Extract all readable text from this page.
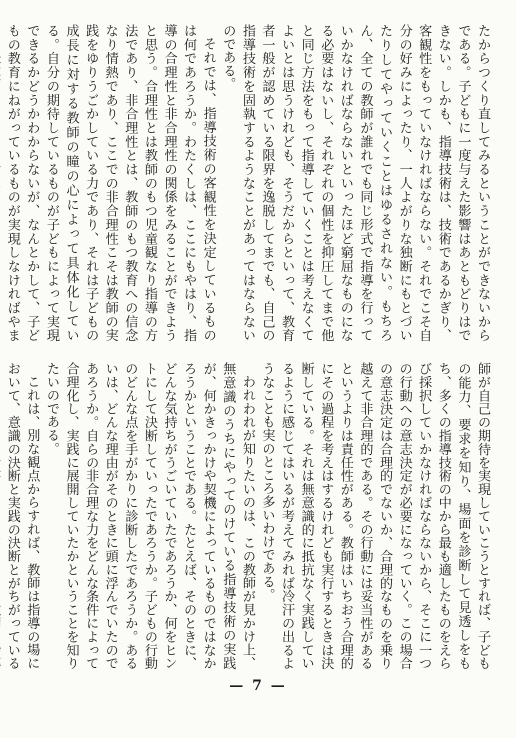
たからつくり直してみるということができないからである。子どもに一度与えた影響はあともどりはできない。しかも、指導技術は、技術であるかぎり、客観性をもっていなければならない。それでこそ自分の好みによったり、一人よがりな独断にもとづいたりしてやっていくことはゆるされない。もちろん、全ての教師が誰れでも同じ形式で指導を行っていかなければならないといったほど窮屈なものになる必要はないし、それぞれの個性を抑圧してまで他と同じ方法をもって指導していくことは考えなくてよいとは思うけれども、そうだからといって、教育者一般が認めている限界を逸脱してまでも、自己の指導技術を固執するようなことがあってはならないのである。

それでは、指導技術の客観性を決定しているものは何であろうか。わたくしは、ここにもやはり、指導の合理性と非合理性の関係をみることができようと思う。合理性とは教師のもつ児童観なり指導の方法であり、非合理性とは、教師のもつ教育への信念なり情熱であり、ここでの非合理性こそは教師の実践をゆりうごかしている力であり、それは子どもの成長に対する教師の瞳の心によって具体化している。自分の期待しているものが子どもによって実現できるかどうかわからないが、なんとかして、子どもの教育にねがっているものが実現しなければやま

師が自己の期待を実現していこうとすれば、子どもの能力、要求を知り、場面を診断して見透しをもち、多くの指導技術の中から最も適したものをえらび採択していかなければならないから、そこに一つの行動への意志決定が必要になっていく。この場合の意志決定は合理的でないか、合理的なものを乗り越えて非合理的である。その行動には妥当性があるというよりは責任性がある。教師はいちおう合理的にその過程を考えはするけれども実行するときは決断している。それは無意識的に抵抗なく実践しているように感じてはいるが考えてみれば冷汗の出るようなことも実のところ多いわけである。

われわれが知りたいのは、この教師が見かけ上、無意識のうちにやってのけている指導技術の実践が、何かきっかけや契機によっているものではなかろうかということである。たとえば、そのときに、どんな気持ちがうごいていたであろうか、何をヒントにして決断していったであろうか。子どもの行動のどんな点を手がかりに診断したであろうか。あるいは、どんな理由がそのときに頭に浮んでいたのであろうか。自らの非合理な力をどんな条件によって合理化し、実践に展開していたかということを知りたいのである。

これは、別な観点からすれば、教師は指導の場において、意識の決断と実践の決断とがちがっている

— 7 —
